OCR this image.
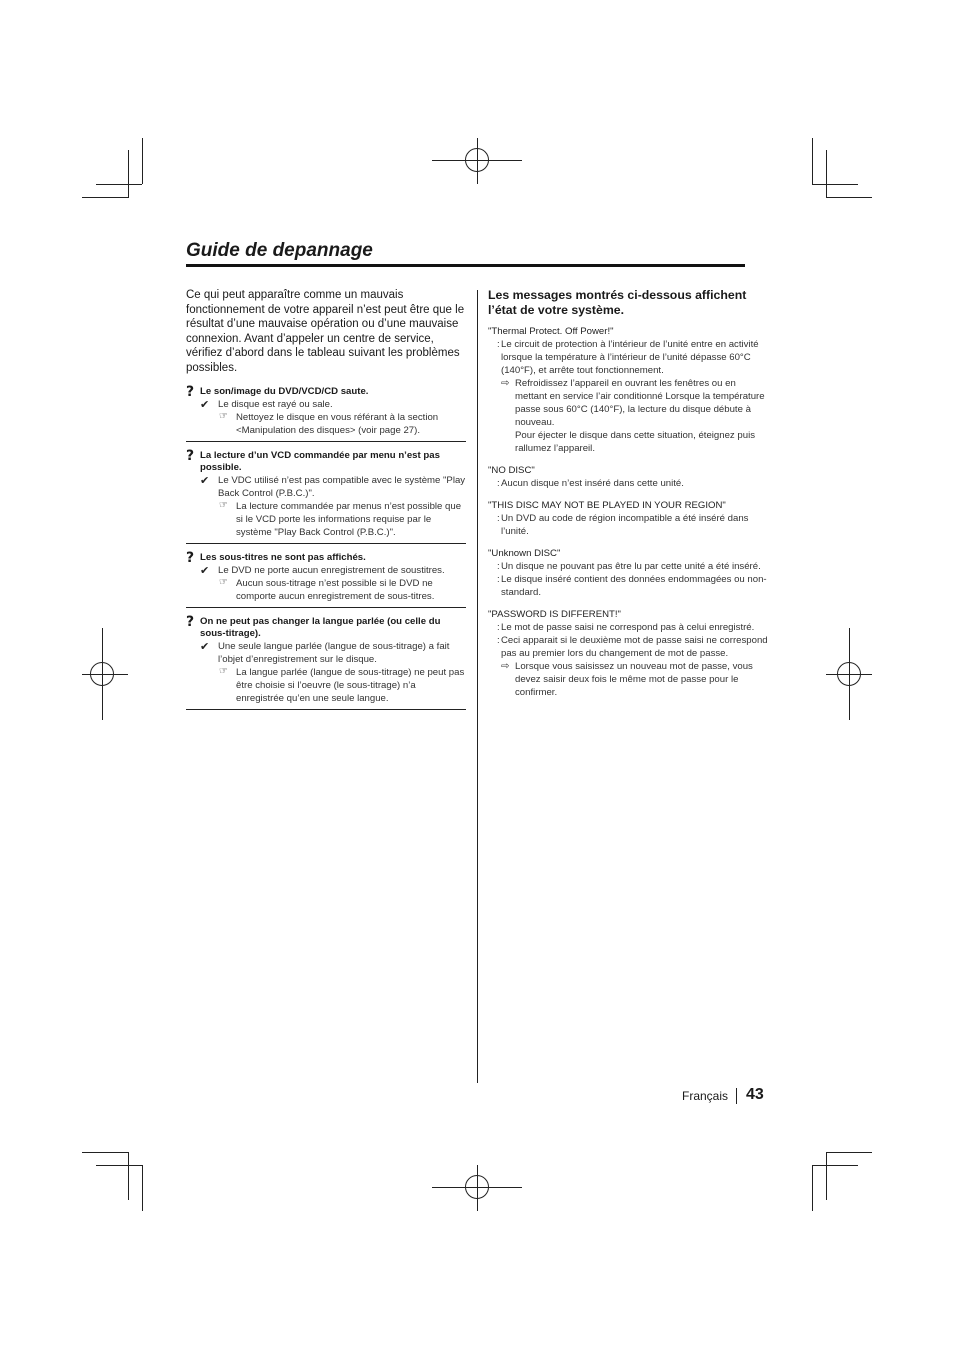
Guide de depannage

Ce qui peut apparaître comme un mauvais fonctionnement de votre appareil n’est peut être que le résultat d’une mauvaise opération ou d’une mauvaise connexion. Avant d’appeler un centre de service, vérifiez d’abord dans le tableau suivant les problèmes possibles.

? Le son/image du DVD/VCD/CD saute.

✔ Le disque est rayé ou sale.
☞ Nettoyez le disque en vous référant à la section <Manipulation des disques> (voir page 27).
? La lecture d’un VCD commandée par menu n’est pas possible.

✔ Le VDC utilisé n’est pas compatible avec le système "Play Back Control (P.B.C.)".
☞ La lecture commandée par menus n’est possible que si le VCD porte les informations requise par le système "Play Back Control (P.B.C.)".
? Les sous-titres ne sont pas affichés.

✔ Le DVD ne porte aucun enregistrement de soustitres.
☞ Aucun sous-titrage n’est possible si le DVD ne comporte aucun enregistrement de sous-titres.
? On ne peut pas changer la langue parlée (ou celle du sous-titrage).

✔ Une seule langue parlée (langue de sous-titrage) a fait l’objet d’enregistrement sur le disque.
☞ La langue parlée (langue de sous-titrage) ne peut pas être choisie si l’oeuvre (le sous-titrage) n’a enregistrée qu’en une seule langue.

Les messages montrés ci-dessous affichent l’état de votre système.

"Thermal Protect. Off Power!"
: Le circuit de protection à l’intérieur de l’unité entre en activité lorsque la température à l’intérieur de l’unité dépasse 60°C (140°F), et arrête tout fonctionnement.
⇨ Refroidissez l’appareil en ouvrant les fenêtres ou en mettant en service l’air conditionné Lorsque la température passe sous 60°C (140°F), la lecture du disque débute à nouveau.
Pour éjecter le disque dans cette situation, éteignez puis rallumez l’appareil.
"NO DISC"
: Aucun disque n’est inséré dans cette unité.
"THIS DISC MAY NOT BE PLAYED IN YOUR REGION"
: Un DVD au code de région incompatible a été inséré dans l’unité.
"Unknown DISC"
: Un disque ne pouvant pas être lu par cette unité a été inséré.
: Le disque inséré contient des données endommagées ou non-standard.
"PASSWORD IS DIFFERENT!"
: Le mot de passe saisi ne correspond pas à celui enregistré.
: Ceci apparait si le deuxième mot de passe saisi ne correspond pas au premier lors du changement de mot de passe.
⇨ Lorsque vous saisissez un nouveau mot de passe, vous devez saisir deux fois le même mot de passe pour le confirmer.
Français 43
